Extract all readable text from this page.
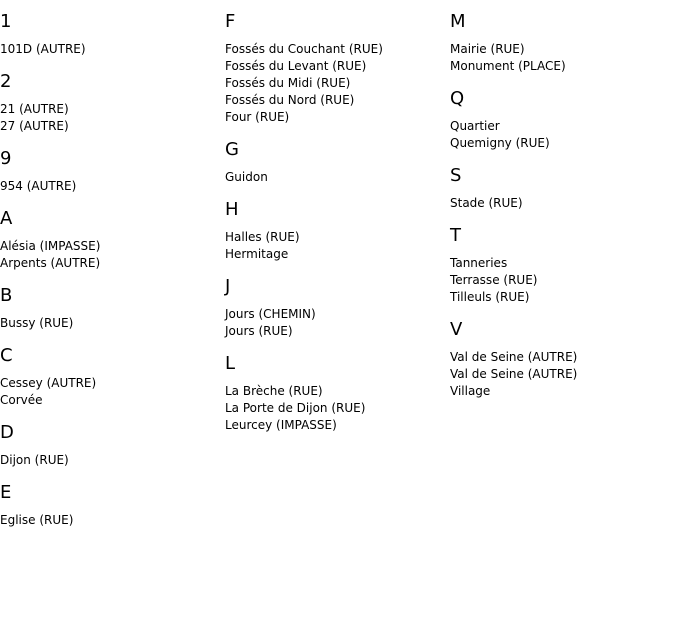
1
101D (AUTRE)
2
21 (AUTRE)
27 (AUTRE)
9
954 (AUTRE)
A
Alésia (IMPASSE)
Arpents (AUTRE)
B
Bussy (RUE)
C
Cessey (AUTRE)
Corvée
D
Dijon (RUE)
E
Eglise (RUE)
F
Fossés du Couchant (RUE)
Fossés du Levant (RUE)
Fossés du Midi (RUE)
Fossés du Nord (RUE)
Four (RUE)
G
Guidon
H
Halles (RUE)
Hermitage
J
Jours (CHEMIN)
Jours (RUE)
L
La Brèche (RUE)
La Porte de Dijon (RUE)
Leurcey (IMPASSE)
M
Mairie (RUE)
Monument (PLACE)
Q
Quartier
Quemigny (RUE)
S
Stade (RUE)
T
Tanneries
Terrasse (RUE)
Tilleuls (RUE)
V
Val de Seine (AUTRE)
Val de Seine (AUTRE)
Village
